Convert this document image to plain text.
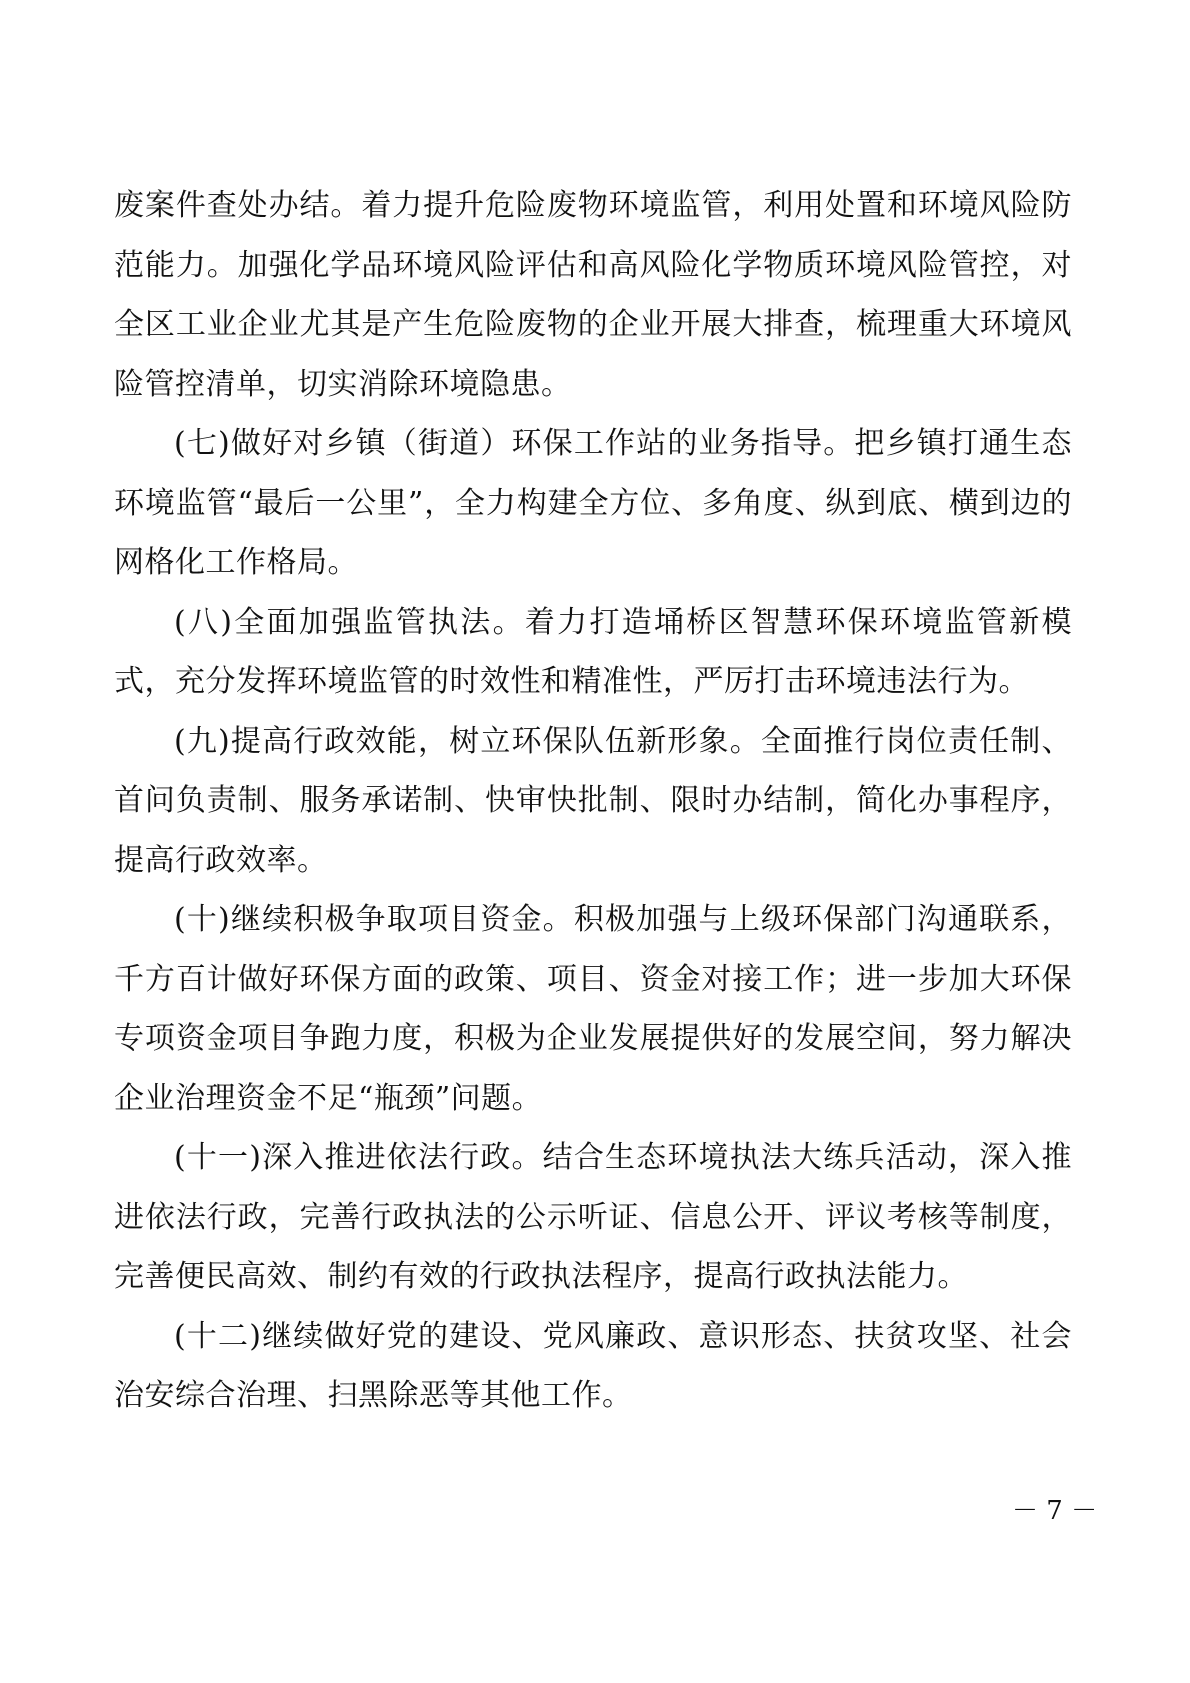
废案件查处办结。着力提升危险废物环境监管，利用处置和环境风险防范能力。加强化学品环境风险评估和高风险化学物质环境风险管控，对全区工业企业尤其是产生危险废物的企业开展大排查，梳理重大环境风险管控清单，切实消除环境隐患。

(七)做好对乡镇（街道）环保工作站的业务指导。把乡镇打通生态环境监管“最后一公里”，全力构建全方位、多角度、纵到底、横到边的网格化工作格局。

(八)全面加强监管执法。着力打造埇桥区智慧环保环境监管新模式，充分发挥环境监管的时效性和精准性，严厉打击环境违法行为。

(九)提高行政效能，树立环保队伍新形象。全面推行岗位责任制、首问负责制、服务承诺制、快审快批制、限时办结制，简化办事程序，提高行政效率。

(十)继续积极争取项目资金。积极加强与上级环保部门沟通联系，千方百计做好环保方面的政策、项目、资金对接工作；进一步加大环保专项资金项目争跑力度，积极为企业发展提供好的发展空间，努力解决企业治理资金不足“瓶颈”问题。

(十一)深入推进依法行政。结合生态环境执法大练兵活动，深入推进依法行政，完善行政执法的公示听证、信息公开、评议考核等制度，完善便民高效、制约有效的行政执法程序，提高行政执法能力。

(十二)继续做好党的建设、党风廉政、意识形态、扶贫攻坚、社会治安综合治理、扫黑除恶等其他工作。

－ 7 －
